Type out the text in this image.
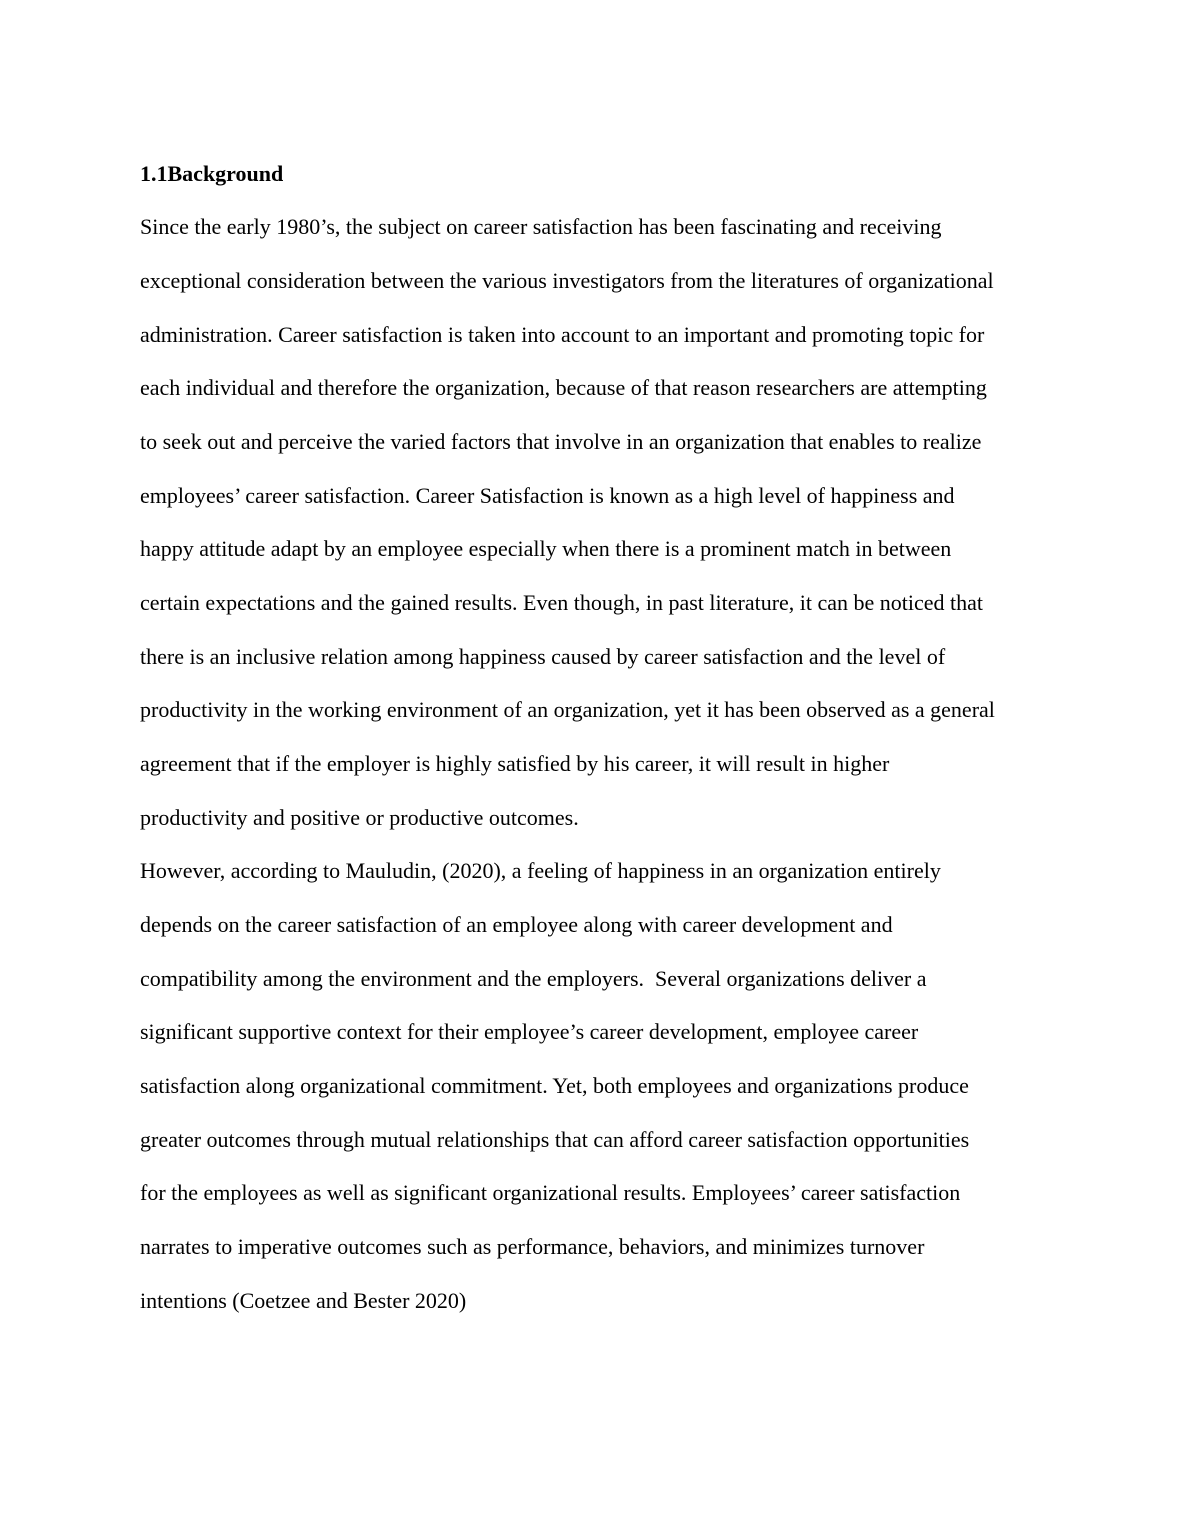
1.1Background
Since the early 1980’s, the subject on career satisfaction has been fascinating and receiving
exceptional consideration between the various investigators from the literatures of organizational
administration. Career satisfaction is taken into account to an important and promoting topic for
each individual and therefore the organization, because of that reason researchers are attempting
to seek out and perceive the varied factors that involve in an organization that enables to realize
employees’ career satisfaction. Career Satisfaction is known as a high level of happiness and
happy attitude adapt by an employee especially when there is a prominent match in between
certain expectations and the gained results. Even though, in past literature, it can be noticed that
there is an inclusive relation among happiness caused by career satisfaction and the level of
productivity in the working environment of an organization, yet it has been observed as a general
agreement that if the employer is highly satisfied by his career, it will result in higher
productivity and positive or productive outcomes.
However, according to Mauludin, (2020), a feeling of happiness in an organization entirely
depends on the career satisfaction of an employee along with career development and
compatibility among the environment and the employers.  Several organizations deliver a
significant supportive context for their employee’s career development, employee career
satisfaction along organizational commitment. Yet, both employees and organizations produce
greater outcomes through mutual relationships that can afford career satisfaction opportunities
for the employees as well as significant organizational results. Employees’ career satisfaction
narrates to imperative outcomes such as performance, behaviors, and minimizes turnover
intentions (Coetzee and Bester 2020)
